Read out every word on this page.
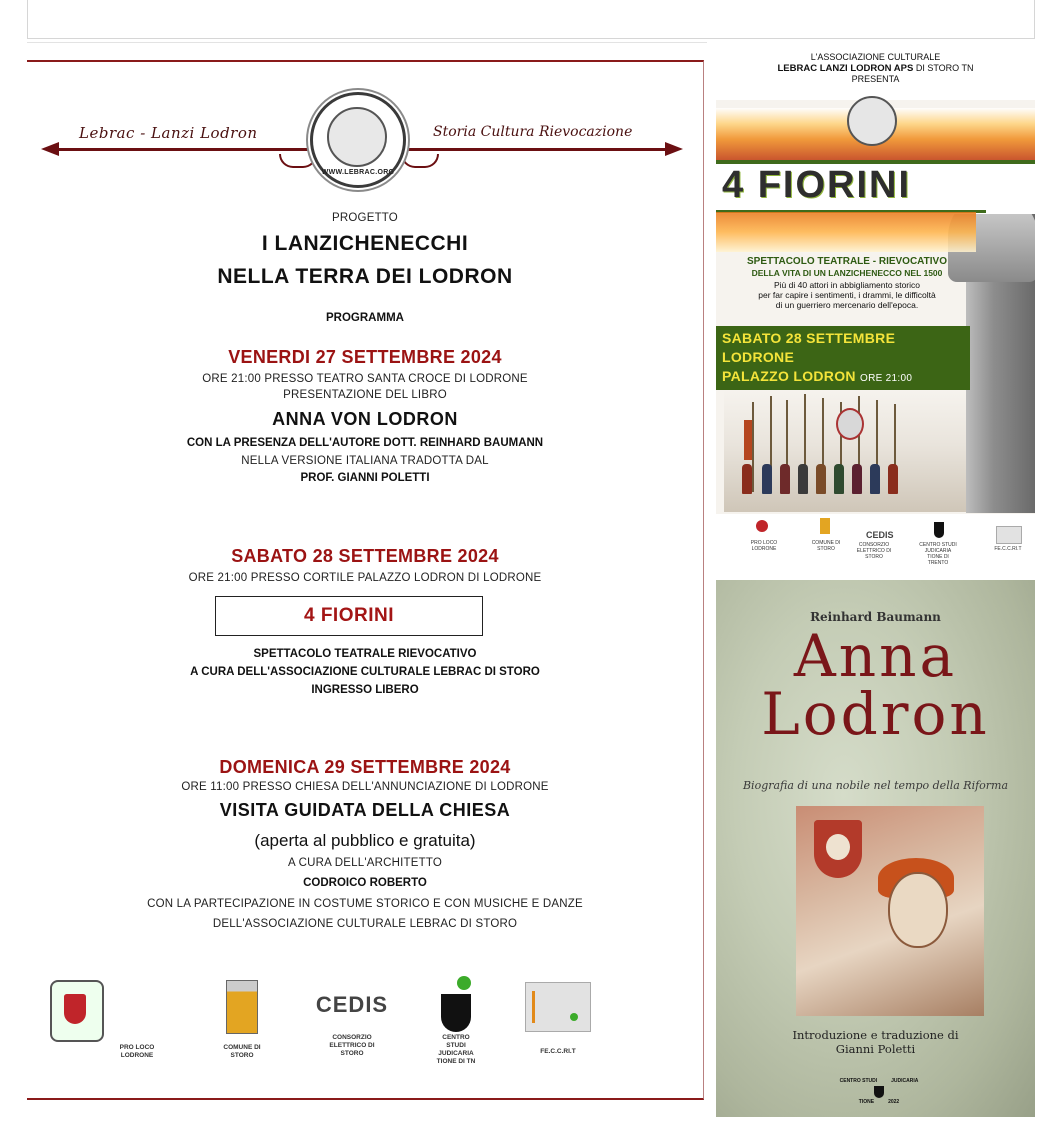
Lebrac - Lanzi Lodron	Storia Cultura Rievocazione
WWW.LEBRAC.ORG
PROGETTO
I LANZICHENECCHI
NELLA TERRA DEI LODRON
PROGRAMMA
VENERDI 27 SETTEMBRE 2024
ORE 21:00 PRESSO TEATRO SANTA CROCE DI LODRONE
PRESENTAZIONE DEL LIBRO
ANNA VON LODRON
CON LA PRESENZA DELL'AUTORE DOTT. REINHARD BAUMANN
NELLA VERSIONE ITALIANA TRADOTTA DAL
PROF. GIANNI POLETTI
SABATO 28 SETTEMBRE 2024
ORE 21:00 PRESSO CORTILE PALAZZO LODRON DI LODRONE
4 FIORINI
SPETTACOLO TEATRALE RIEVOCATIVO
A CURA DELL'ASSOCIAZIONE CULTURALE LEBRAC DI STORO
INGRESSO LIBERO
DOMENICA 29 SETTEMBRE 2024
ORE 11:00 PRESSO CHIESA DELL'ANNUNCIAZIONE DI LODRONE
VISITA GUIDATA DELLA CHIESA
(aperta al pubblico e gratuita)
A CURA DELL'ARCHITETTO
CODROICO ROBERTO
CON LA PARTECIPAZIONE IN COSTUME STORICO E CON MUSICHE E DANZE
DELL'ASSOCIAZIONE CULTURALE LEBRAC DI STORO
PRO LOCO
LODRONE
COMUNE DI
STORO
CEDIS
CONSORZIO
ELETTRICO DI
STORO
CENTRO
STUDI
JUDICARIA
TIONE DI TN
FE.C.C.RI.T
L'ASSOCIAZIONE CULTURALE
LEBRAC LANZI LODRON APS DI STORO TN
PRESENTA
4 FIORINI
SPETTACOLO TEATRALE - RIEVOCATIVO
DELLA VITA DI UN LANZICHENECCO NEL 1500
Più di 40 attori in abbigliamento storico
per far capire i sentimenti, i drammi, le difficoltà
di un guerriero mercenario dell'epoca.
SABATO 28 SETTEMBRE
LODRONE
PALAZZO LODRON ORE 21:00
CEDIS
PRO LOCO LODRONE
COMUNE DI STORO
CONSORZIO ELETTRICO DI STORO
CENTRO STUDI JUDICARIA TIONE DI TRENTO
FE.C.C.RI.T
Reinhard Baumann
Anna
Lodron
Biografia di una nobile nel tempo della Riforma
Introduzione e traduzione di
Gianni Poletti
CENTRO STUDI	JUDICARIA
TIONE	2022
